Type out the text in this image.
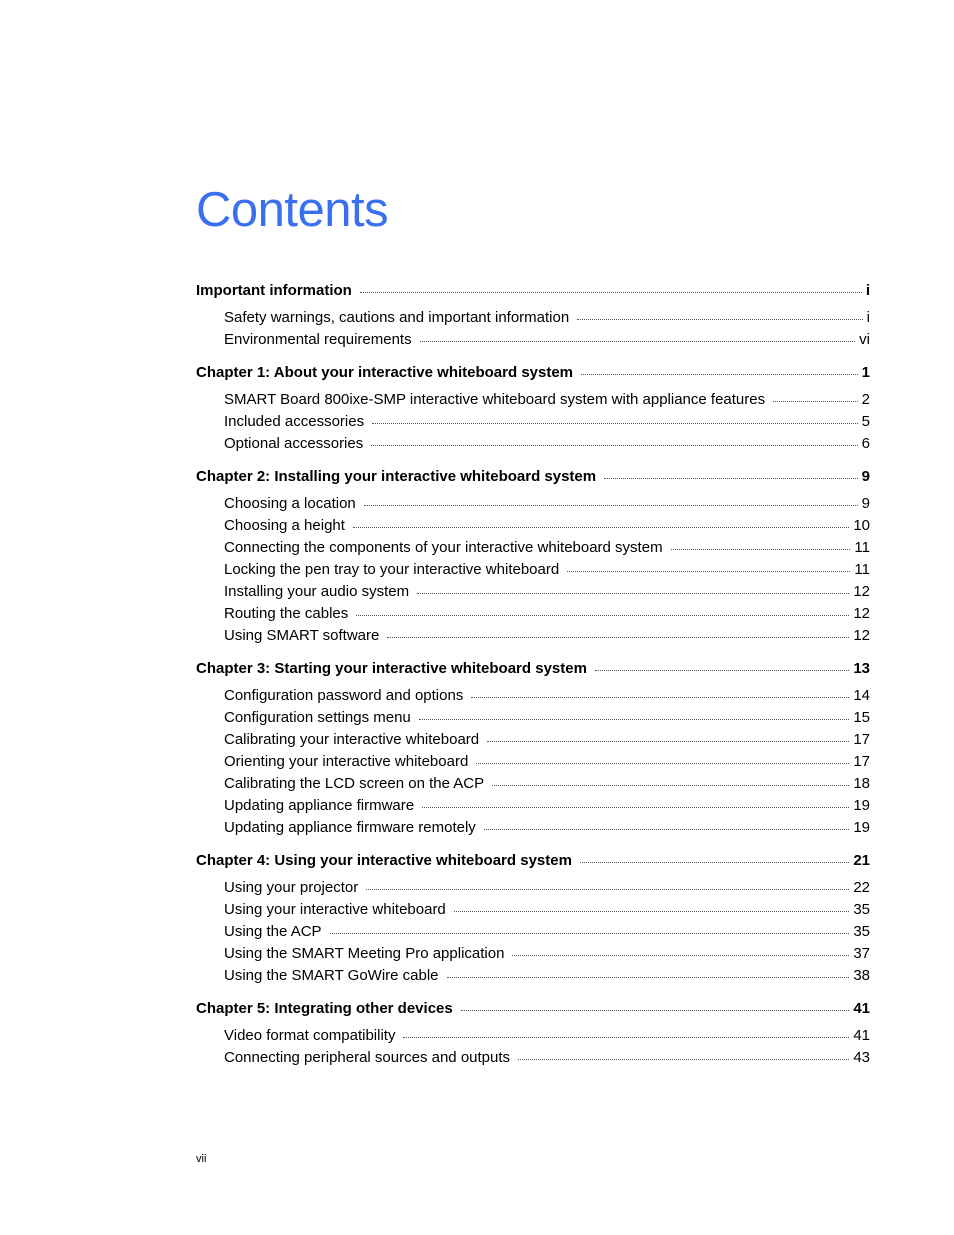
Contents
Important information	i
Safety warnings, cautions and important information	i
Environmental requirements	vi
Chapter 1: About your interactive whiteboard system	1
SMART Board 800ixe-SMP interactive whiteboard system with appliance features	2
Included accessories	5
Optional accessories	6
Chapter 2: Installing your interactive whiteboard system	9
Choosing a location	9
Choosing a height	10
Connecting the components of your interactive whiteboard system	11
Locking the pen tray to your interactive whiteboard	11
Installing your audio system	12
Routing the cables	12
Using SMART software	12
Chapter 3: Starting your interactive whiteboard system	13
Configuration password and options	14
Configuration settings menu	15
Calibrating your interactive whiteboard	17
Orienting your interactive whiteboard	17
Calibrating the LCD screen on the ACP	18
Updating appliance firmware	19
Updating appliance firmware remotely	19
Chapter 4: Using your interactive whiteboard system	21
Using your projector	22
Using your interactive whiteboard	35
Using the ACP	35
Using the SMART Meeting Pro application	37
Using the SMART GoWire cable	38
Chapter 5: Integrating other devices	41
Video format compatibility	41
Connecting peripheral sources and outputs	43
vii
